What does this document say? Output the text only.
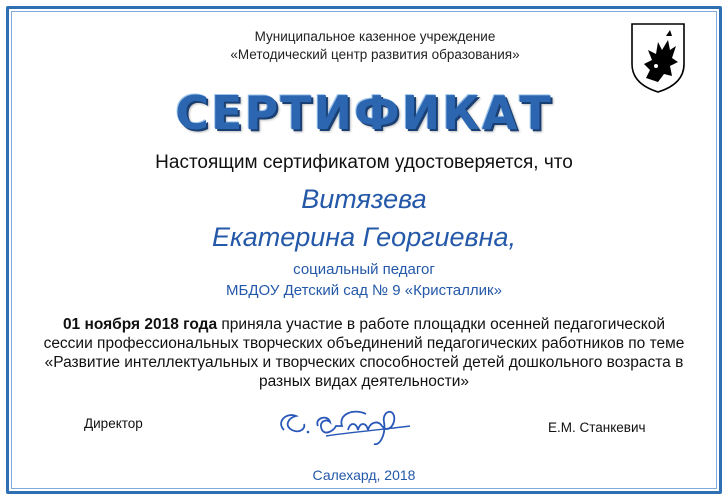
Муниципальное казенное учреждение
«Методический центр развития образования»
СЕРТИФИКАТ
Настоящим сертификатом удостоверяется, что
Витязева
Екатерина Георгиевна,
социальный педагог
МБДОУ Детский сад № 9 «Кристаллик»
01 ноября 2018 года приняла участие в работе площадки осенней педагогической сессии профессиональных творческих объединений педагогических работников по теме «Развитие интеллектуальных и творческих способностей детей дошкольного возраста в разных видах деятельности»
Директор	Е.М. Станкевич
Салехард, 2018
